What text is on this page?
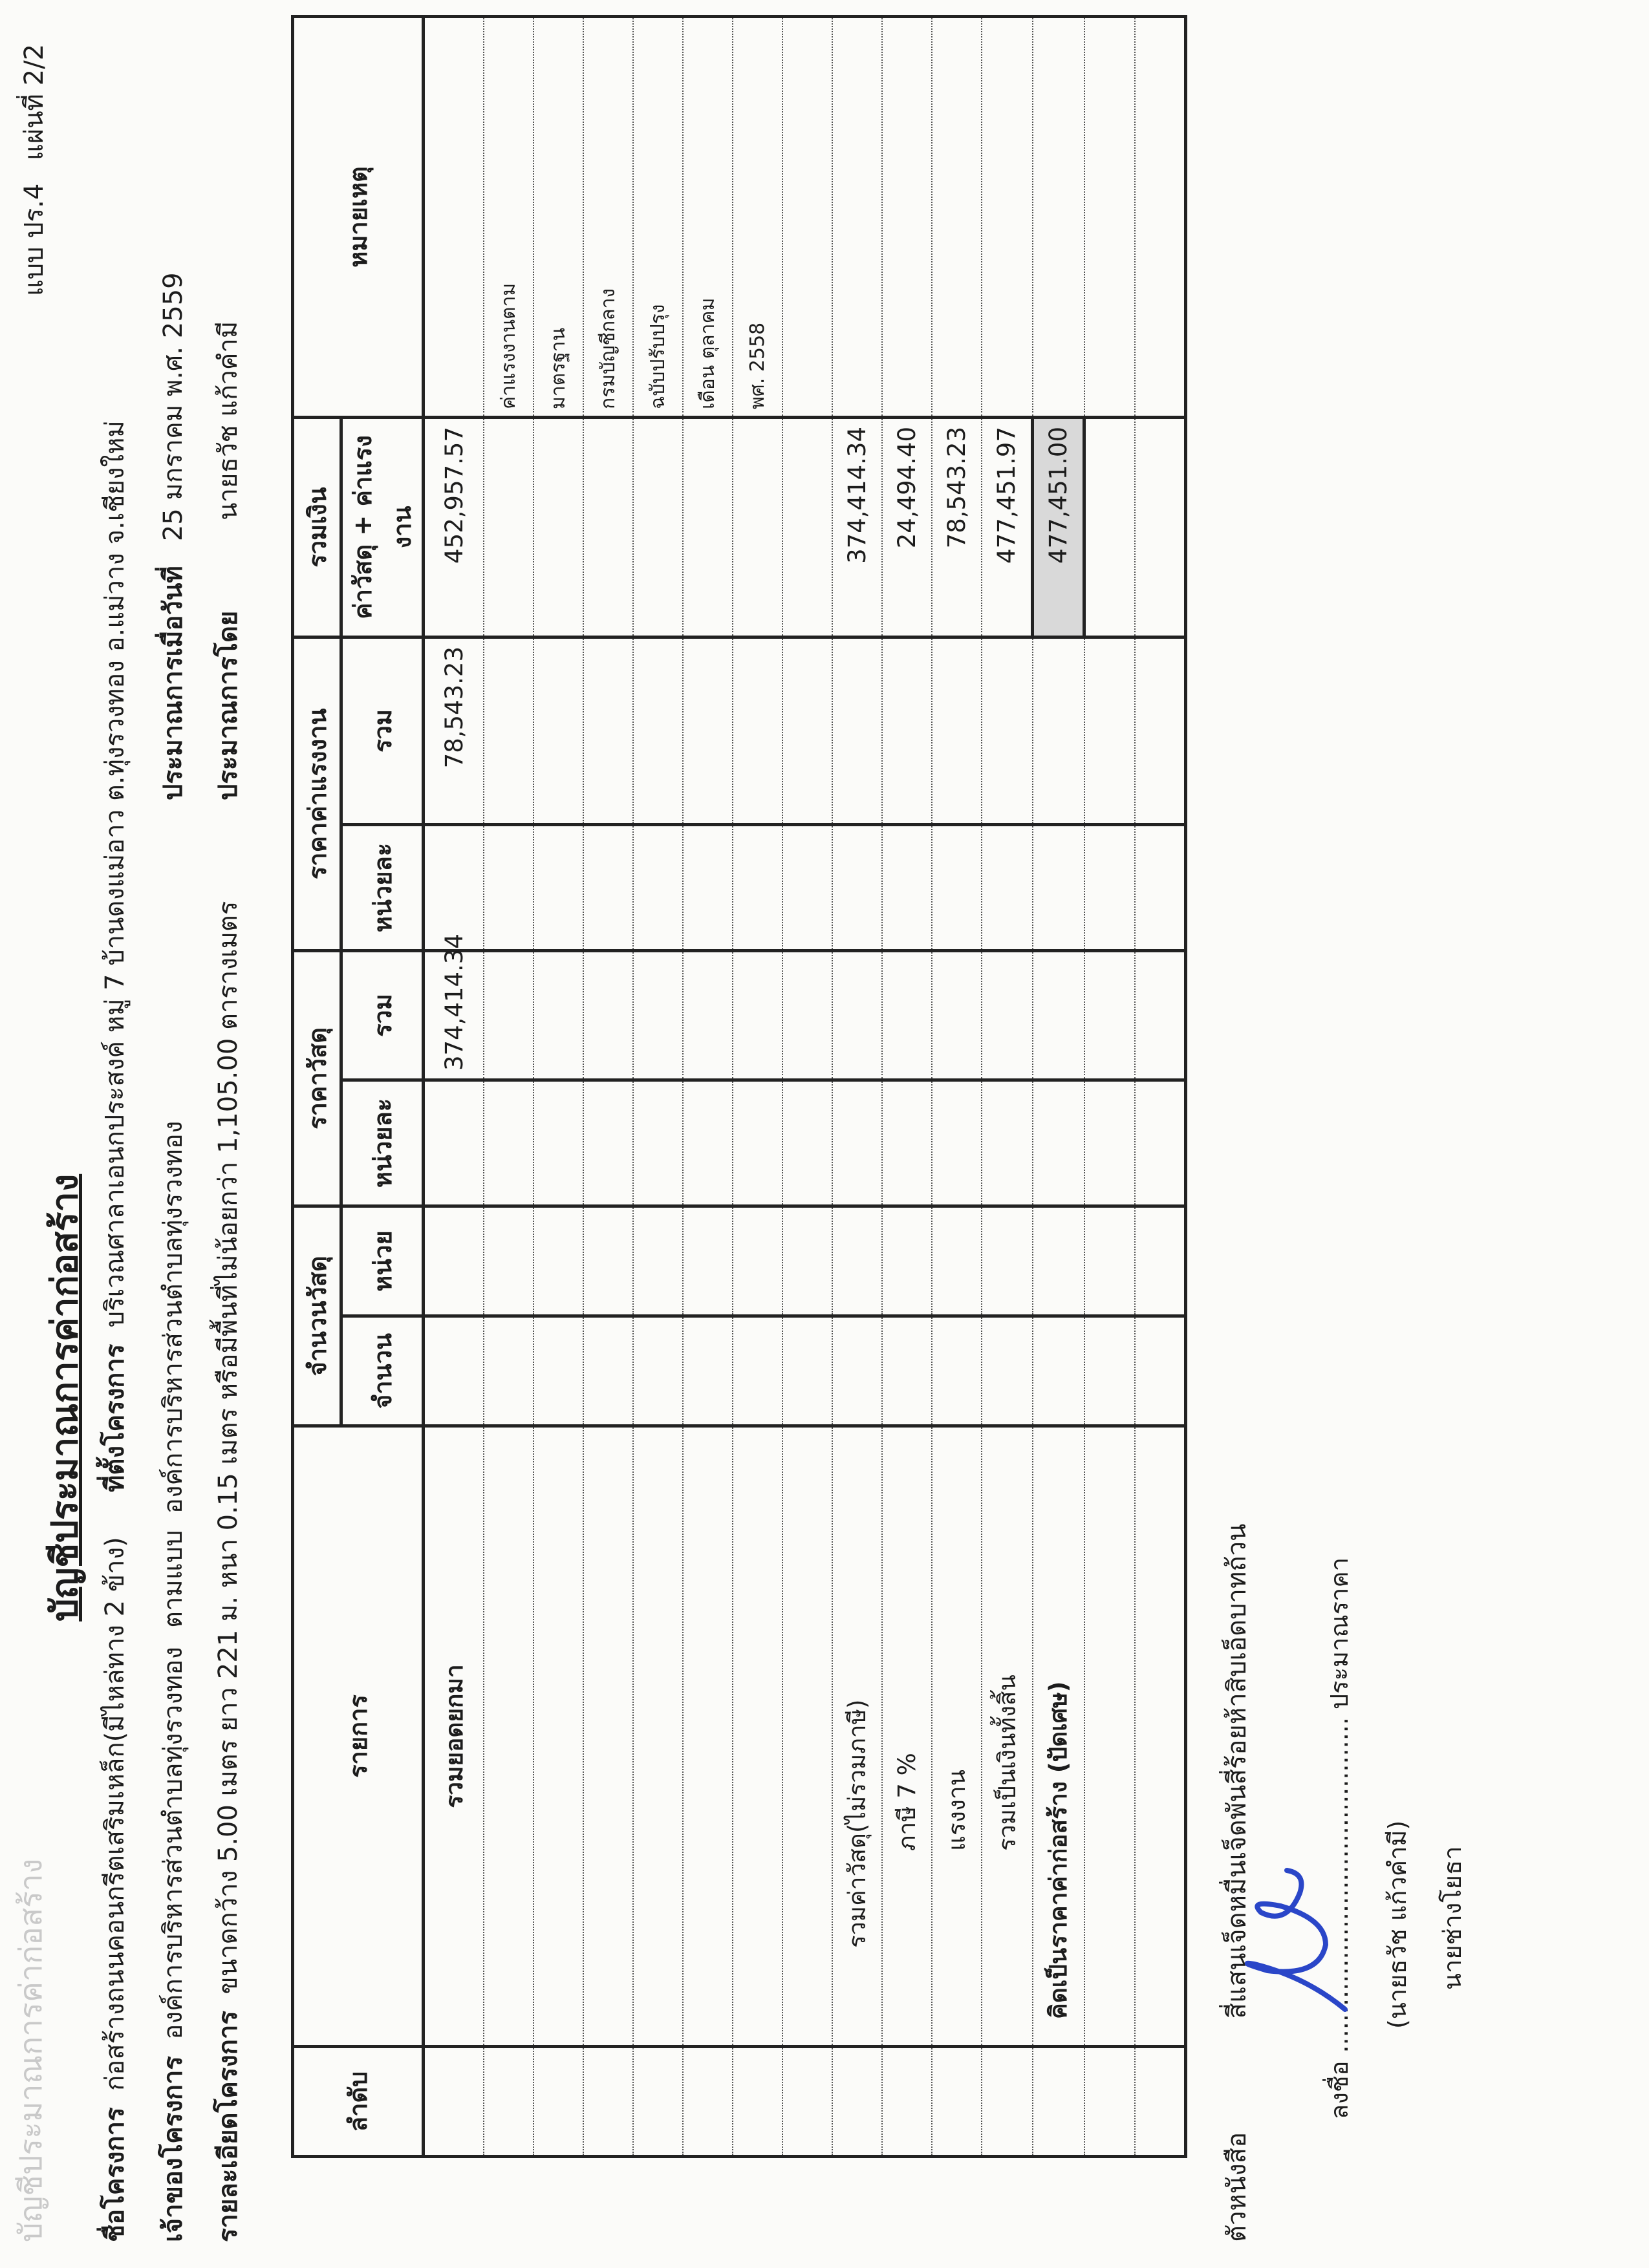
บัญชีประมาณการค่าก่อสร้าง
แบบ ปร.4
แผ่นที่ 2/2
บัญชีประมาณการค่าก่อสร้าง
ชื่อโครงการ  ก่อสร้างถนนคอนกรีตเสริมเหล็ก(มีไหล่ทาง 2 ข้าง)
ที่ตั้งโครงการ  บริเวณศาลาเอนกประสงค์ หมู่ 7 บ้านดงแม่อาว ต.ทุ่งรวงทอง อ.แม่วาง จ.เชียงใหม่
เจ้าของโครงการ  องค์การบริหารส่วนตำบลทุ่งรวงทอง
ตามแบบ  องค์การบริหารส่วนตำบลทุ่งรวงทอง
ประมาณการเมื่อวันที่   25 มกราคม พ.ศ. 2559
รายละเอียดโครงการ  ขนาดกว้าง 5.00 เมตร ยาว 221 ม. หนา 0.15 เมตร หรือมีพื้นที่ไม่น้อยกว่า 1,105.00 ตารางเมตร
ประมาณการโดย           นายธวัช แก้วคำมี
ลำดับ	รายการ	จำนวนวัสดุ		ราคาวัสดุ		ราคาค่าแรงงาน		รวมเงิน	หมายเหตุ
		จำนวน	หน่วย	หน่วยละ	รวม	หน่วยละ	รวม	ค่าวัสดุ + ค่าแรงงาน	
	รวมยอดยกมา				374,414.34		78,543.23	452,957.57	
									ค่าแรงงานตาม
									มาตรฐาน
									กรมบัญชีกลาง
									ฉบับปรับปรุง
									เดือน ตุลาคม
									พศ. 2558

	รวมค่าวัสดุ(ไม่รวมภาษี)							374,414.34	
	ภาษี 7 %							24,494.40	
	แรงงาน							78,543.23	
	รวมเป็นเงินทั้งสิ้น							477,451.97	
	คิดเป็นราคาค่าก่อสร้าง (ปัดเศษ)							477,451.00	

ตัวหนังสือ  สี่แสนเจ็ดหมื่นเจ็ดพันสี่ร้อยห้าสิบเอ็ดบาทถ้วน
ลงชื่อ ........................................... ประมาณราคา
(นายธวัช แก้วคำมี) นายช่างโยธา
